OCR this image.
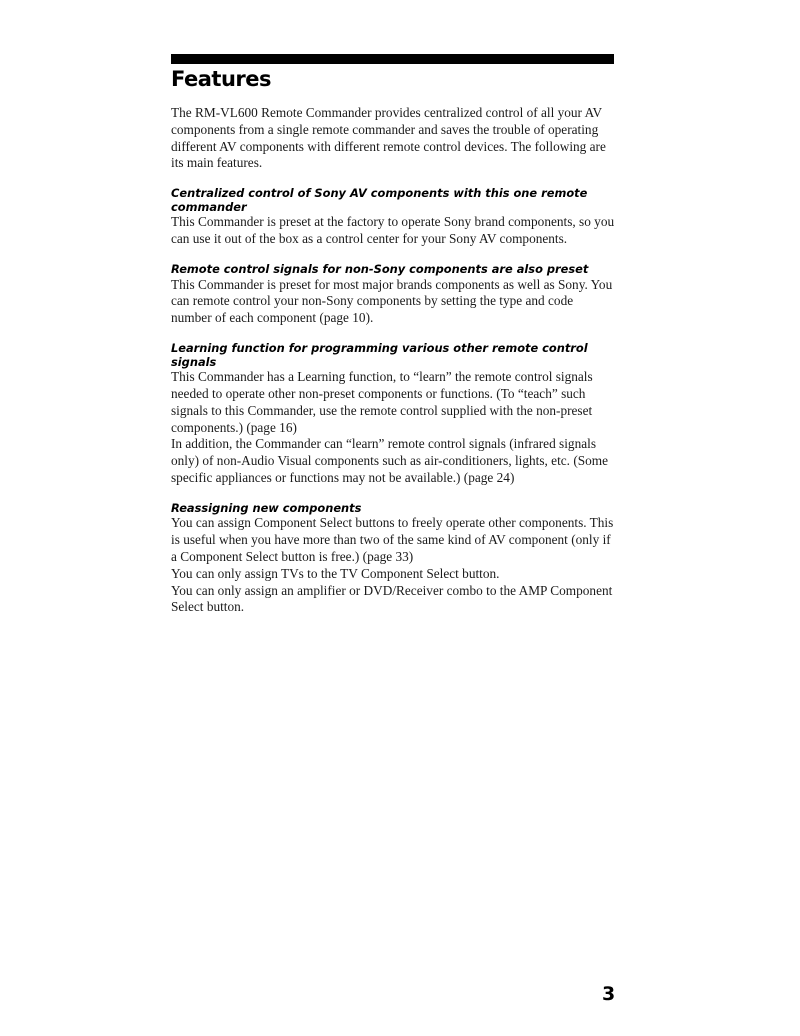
Features

The RM-VL600 Remote Commander provides centralized control of all your AV components from a single remote commander and saves the trouble of operating different AV components with different remote control devices. The following are its main features.

Centralized control of Sony AV components with this one remote commander

This Commander is preset at the factory to operate Sony brand components, so you can use it out of the box as a control center for your Sony AV components.

Remote control signals for non-Sony components are also preset

This Commander is preset for most major brands components as well as Sony. You can remote control your non-Sony components by setting the type and code number of each component (page 10).

Learning function for programming various other remote control signals

This Commander has a Learning function, to “learn” the remote control signals needed to operate other non-preset components or functions. (To “teach” such signals to this Commander, use the remote control supplied with the non-preset components.) (page 16)

In addition, the Commander can “learn” remote control signals (infrared signals only) of non-Audio Visual components such as air-conditioners, lights, etc. (Some specific appliances or functions may not be available.) (page 24)

Reassigning new components

You can assign Component Select buttons to freely operate other components. This is useful when you have more than two of the same kind of AV component (only if a Component Select button is free.) (page 33)

You can only assign TVs to the TV Component Select button.

You can only assign an amplifier or DVD/Receiver combo to the AMP Component Select button.

3
